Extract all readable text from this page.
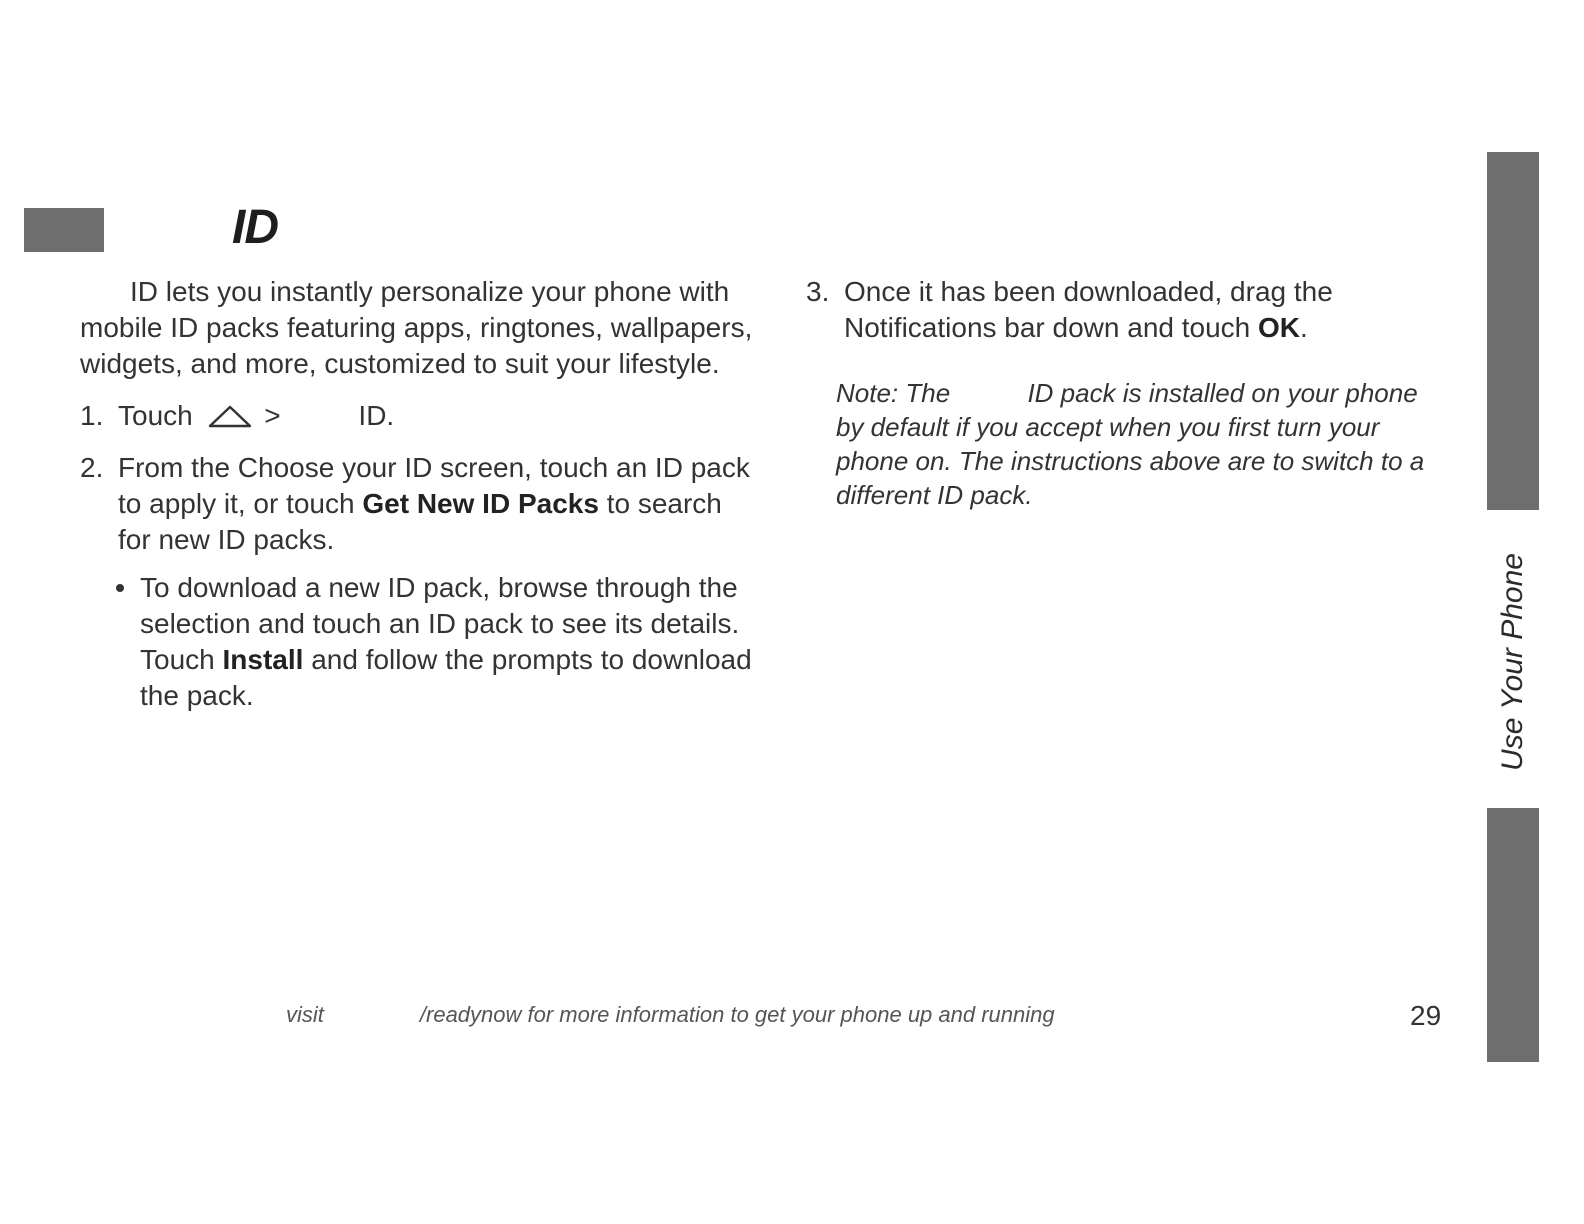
ID

ID lets you instantly personalize your phone with mobile ID packs featuring apps, ringtones, wallpapers, widgets, and more, customized to suit your lifestyle.

1. Touch	>	ID.
2. From the Choose your ID screen, touch an ID pack to apply it, or touch Get New ID Packs to search for new ID packs.
To download a new ID pack, browse through the selection and touch an ID pack to see its details. Touch Install and follow the prompts to download the pack.
3. Once it has been downloaded, drag the Notifications bar down and touch OK.

Note: The	ID pack is installed on your phone by default if you accept when you first turn your phone on. The instructions above are to switch to a different ID pack.

visit	/readynow for more information to get your phone up and running	29
Use Your Phone
